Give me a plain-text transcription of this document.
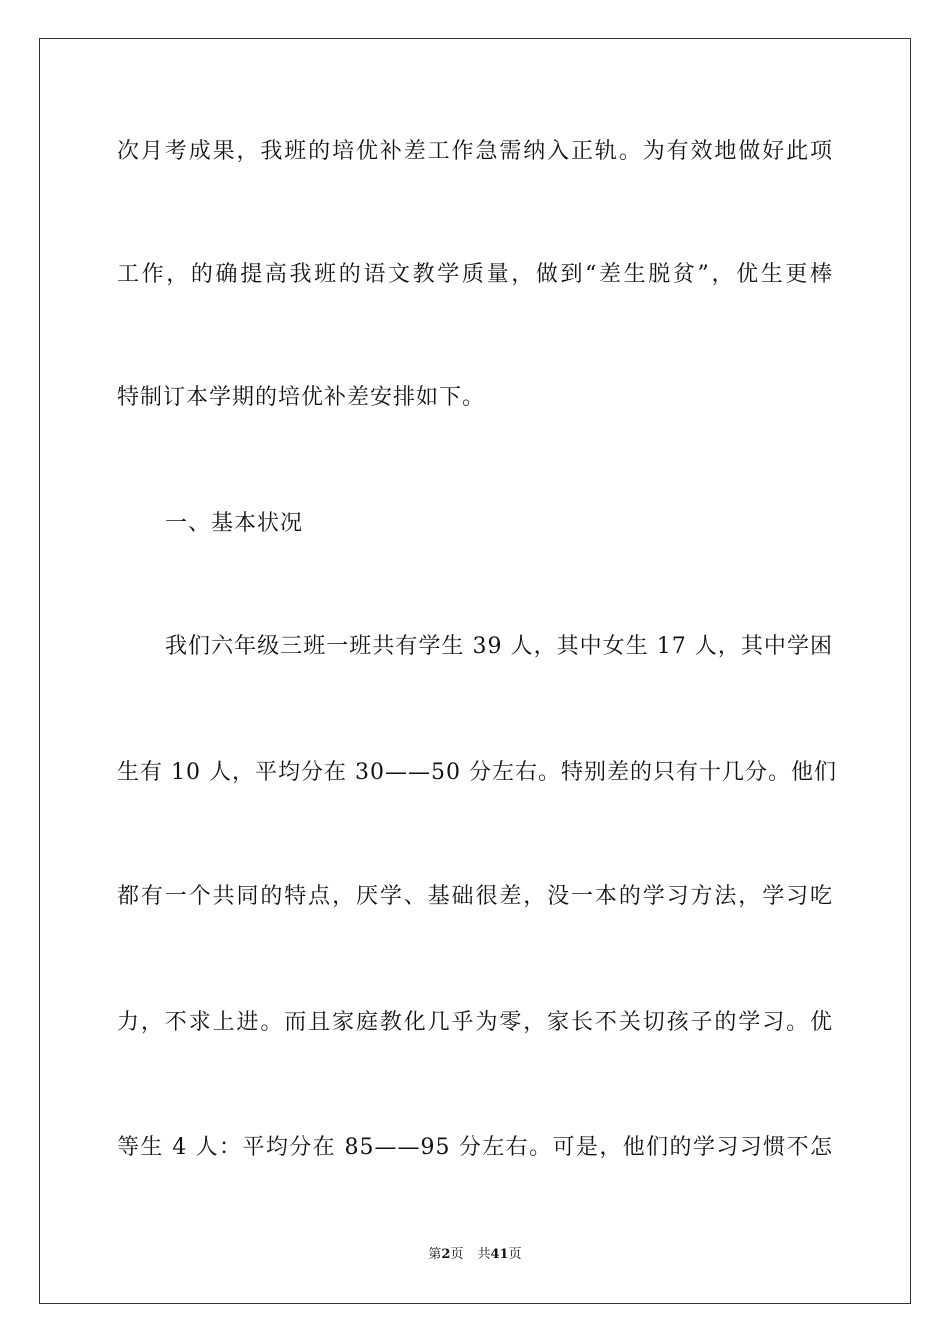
次月考成果，我班的培优补差工作急需纳入正轨。为有效地做好此项
工作，的确提高我班的语文教学质量，做到“差生脱贫”，优生更棒
特制订本学期的培优补差安排如下。
一、基本状况
我们六年级三班一班共有学生 39 人，其中女生 17 人，其中学困
生有 10 人，平均分在 30——50 分左右。特别差的只有十几分。他们
都有一个共同的特点，厌学、基础很差，没一本的学习方法，学习吃
力，不求上进。而且家庭教化几乎为零，家长不关切孩子的学习。优
等生 4 人：平均分在 85——95 分左右。可是，他们的学习习惯不怎
第2页 共41页
